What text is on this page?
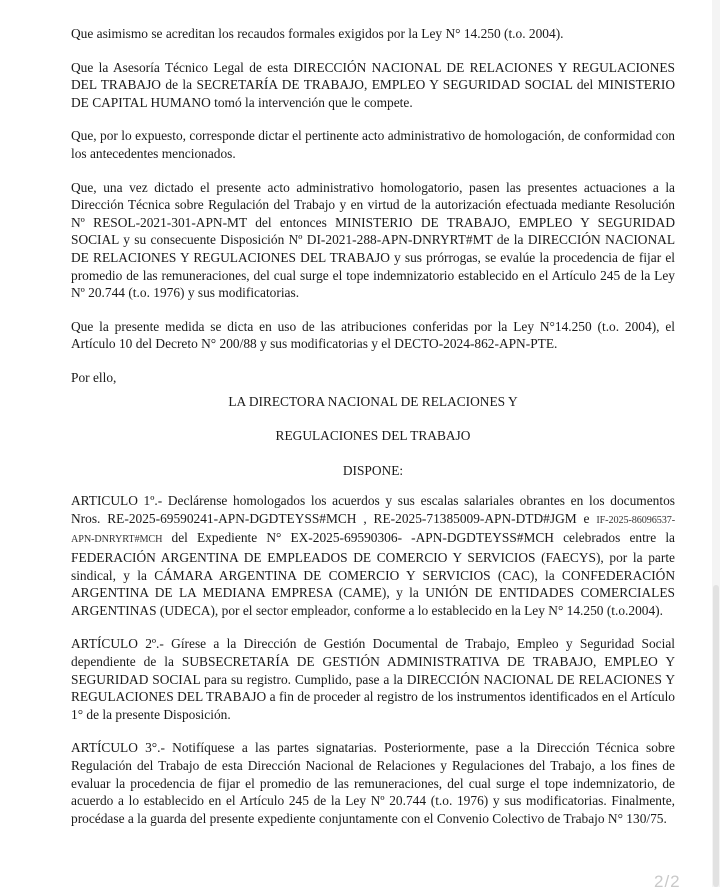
Que asimismo se acreditan los recaudos formales exigidos por la Ley N° 14.250 (t.o. 2004).

Que la Asesoría Técnico Legal de esta DIRECCIÓN NACIONAL DE RELACIONES Y REGULACIONES DEL TRABAJO de la SECRETARÍA DE TRABAJO, EMPLEO Y SEGURIDAD SOCIAL del MINISTERIO DE CAPITAL HUMANO tomó la intervención que le compete.

Que, por lo expuesto, corresponde dictar el pertinente acto administrativo de homologación, de conformidad con los antecedentes mencionados.

Que, una vez dictado el presente acto administrativo homologatorio, pasen las presentes actuaciones a la Dirección Técnica sobre Regulación del Trabajo y en virtud de la autorización efectuada mediante Resolución Nº RESOL-2021-301-APN-MT del entonces MINISTERIO DE TRABAJO, EMPLEO Y SEGURIDAD SOCIAL y su consecuente Disposición Nº DI-2021-288-APN-DNRYRT#MT de la DIRECCIÓN NACIONAL DE RELACIONES Y REGULACIONES DEL TRABAJO y sus prórrogas, se evalúe la procedencia de fijar el promedio de las remuneraciones, del cual surge el tope indemnizatorio establecido en el Artículo 245 de la Ley Nº 20.744 (t.o. 1976) y sus modificatorias.

Que la presente medida se dicta en uso de las atribuciones conferidas por la Ley N°14.250 (t.o. 2004), el Artículo 10 del Decreto N° 200/88 y sus modificatorias y el DECTO-2024-862-APN-PTE.

Por ello,

LA DIRECTORA NACIONAL DE RELACIONES Y

REGULACIONES DEL TRABAJO

DISPONE:

ARTICULO 1º.- Declárense homologados los acuerdos y sus escalas salariales obrantes en los documentos Nros. RE-2025-69590241-APN-DGDTEYSS#MCH , RE-2025-71385009-APN-DTD#JGM e IF-2025-86096537-APN-DNRYRT#MCH del Expediente N° EX-2025-69590306- -APN-DGDTEYSS#MCH celebrados entre la FEDERACIÓN ARGENTINA DE EMPLEADOS DE COMERCIO Y SERVICIOS (FAECYS), por la parte sindical, y la CÁMARA ARGENTINA DE COMERCIO Y SERVICIOS (CAC), la CONFEDERACIÓN ARGENTINA DE LA MEDIANA EMPRESA (CAME), y la UNIÓN DE ENTIDADES COMERCIALES ARGENTINAS (UDECA), por el sector empleador, conforme a lo establecido en la Ley N° 14.250 (t.o.2004).

ARTÍCULO 2º.- Gírese a la Dirección de Gestión Documental de Trabajo, Empleo y Seguridad Social dependiente de la SUBSECRETARÍA DE GESTIÓN ADMINISTRATIVA DE TRABAJO, EMPLEO Y SEGURIDAD SOCIAL para su registro. Cumplido, pase a la DIRECCIÓN NACIONAL DE RELACIONES Y REGULACIONES DEL TRABAJO a fin de proceder al registro de los instrumentos identificados en el Artículo 1° de la presente Disposición.

ARTÍCULO 3°.- Notifíquese a las partes signatarias. Posteriormente, pase a la Dirección Técnica sobre Regulación del Trabajo de esta Dirección Nacional de Relaciones y Regulaciones del Trabajo, a los fines de evaluar la procedencia de fijar el promedio de las remuneraciones, del cual surge el tope indemnizatorio, de acuerdo a lo establecido en el Artículo 245 de la Ley Nº 20.744 (t.o. 1976) y sus modificatorias. Finalmente, procédase a la guarda del presente expediente conjuntamente con el Convenio Colectivo de Trabajo N° 130/75.

2/2
